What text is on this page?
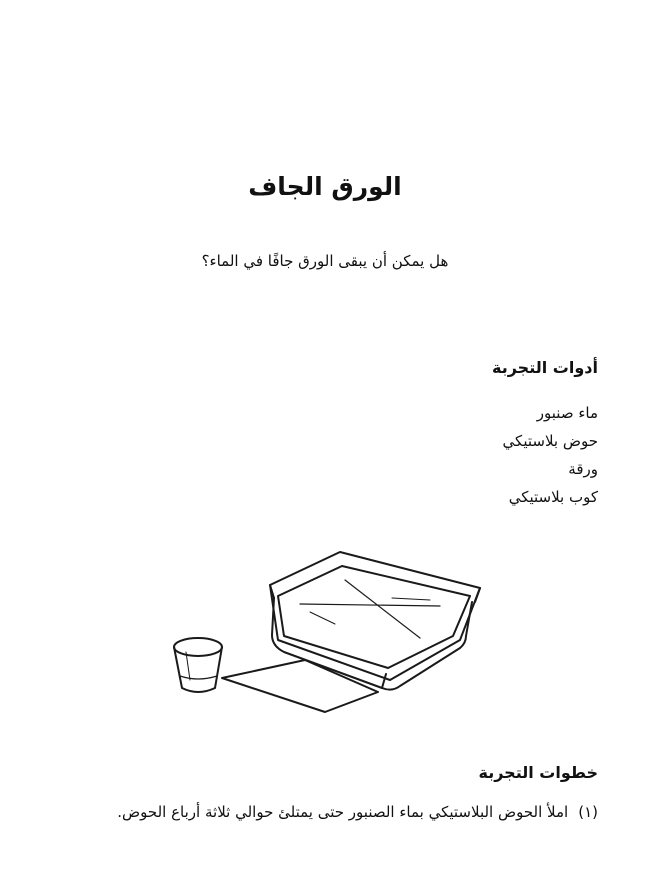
الورق الجاف

هل يمكن أن يبقى الورق جافًا في الماء؟

أدوات التجربة
ماء صنبور
حوض بلاستيكي
ورقة
كوب بلاستيكي
خطوات التجربة
(١)
املأ الحوض البلاستيكي بماء الصنبور حتى يمتلئ حوالي ثلاثة أرباع الحوض.
